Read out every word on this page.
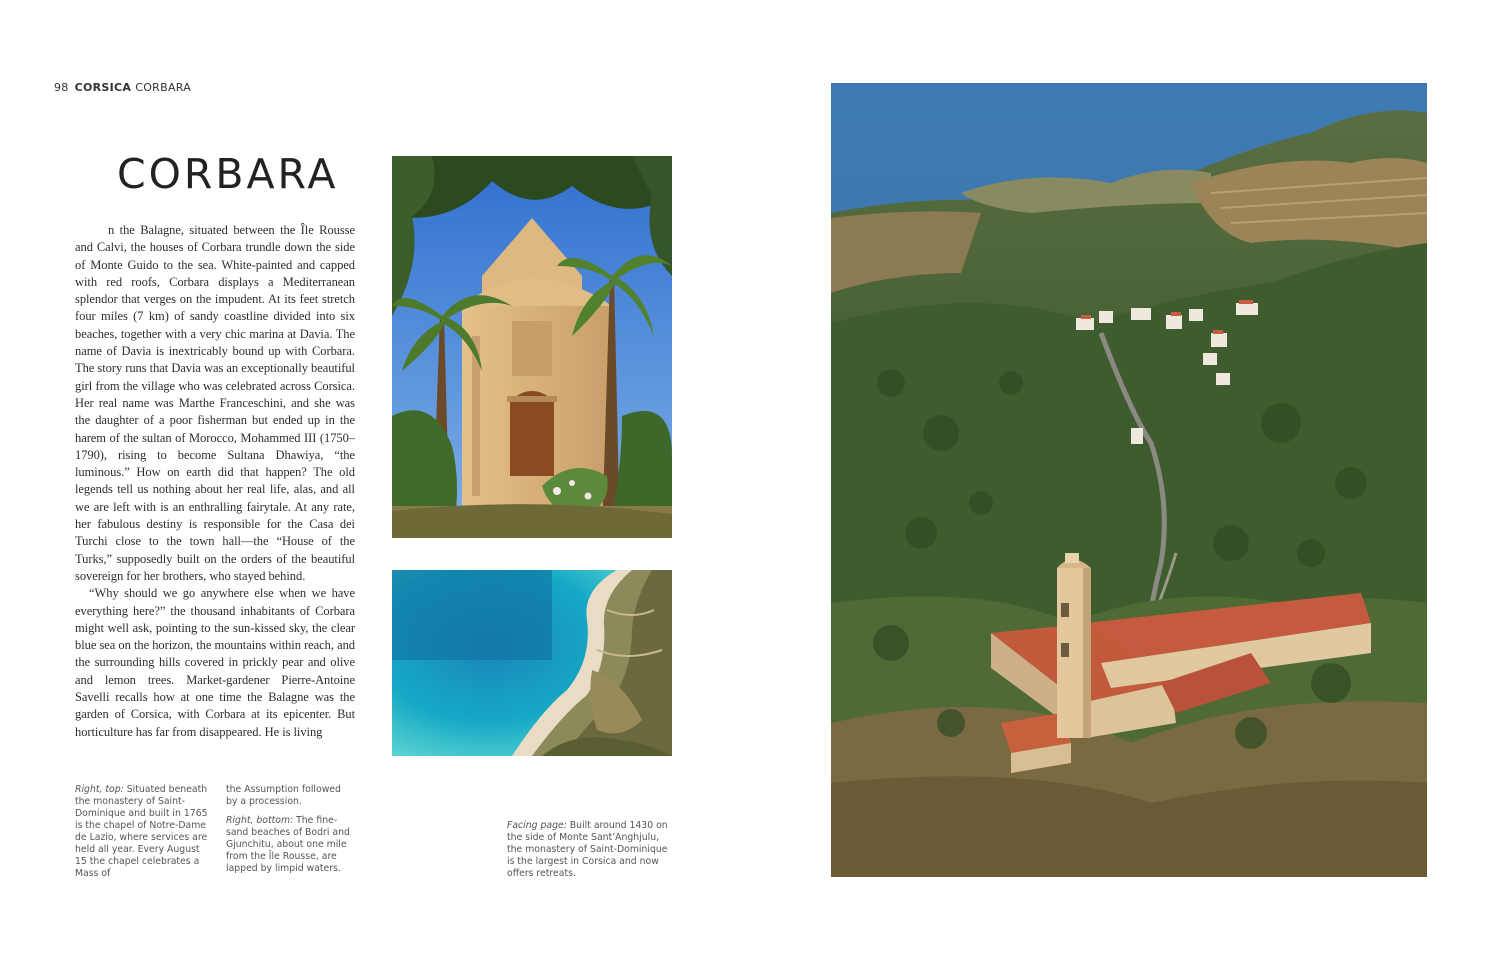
98 CORSICA CORBARA
CORBARA

n the Balagne, situated between the Île Rousse and Calvi, the houses of Corbara trundle down the side of Monte Guido to the sea. White-painted and capped with red roofs, Corbara displays a Mediterranean splendor that verges on the impudent. At its feet stretch four miles (7 km) of sandy coastline divided into six beaches, together with a very chic marina at Davia. The name of Davia is inextricably bound up with Corbara. The story runs that Davia was an exceptionally beautiful girl from the village who was celebrated across Corsica. Her real name was Marthe Franceschini, and she was the daughter of a poor fisherman but ended up in the harem of the sultan of Morocco, Mohammed III (1750–1790), rising to become Sultana Dhawiya, “the luminous.” How on earth did that happen? The old legends tell us nothing about her real life, alas, and all we are left with is an enthralling fairytale. At any rate, her fabulous destiny is responsible for the Casa dei Turchi close to the town hall—the “House of the Turks,” supposedly built on the orders of the beautiful sovereign for her brothers, who stayed behind.

“Why should we go anywhere else when we have everything here?” the thousand inhabitants of Corbara might well ask, pointing to the sun-kissed sky, the clear blue sea on the horizon, the mountains within reach, and the surrounding hills covered in prickly pear and olive and lemon trees. Market-gardener Pierre-Antoine Savelli recalls how at one time the Balagne was the garden of Corsica, with Corbara at its epicenter. But horticulture has far from disappeared. He is living

Right, top: Situated beneath the monastery of Saint-Dominique and built in 1765 is the chapel of Notre-Dame de Lazio, where services are held all year. Every August 15 the chapel celebrates a Mass of
the Assumption followed by a procession.
Right, bottom: The fine-sand beaches of Bodri and Gjunchitu, about one mile from the Île Rousse, are lapped by limpid waters.
Facing page: Built around 1430 on the side of Monte Sant’Anghjulu, the monastery of Saint-Dominique is the largest in Corsica and now offers retreats.
